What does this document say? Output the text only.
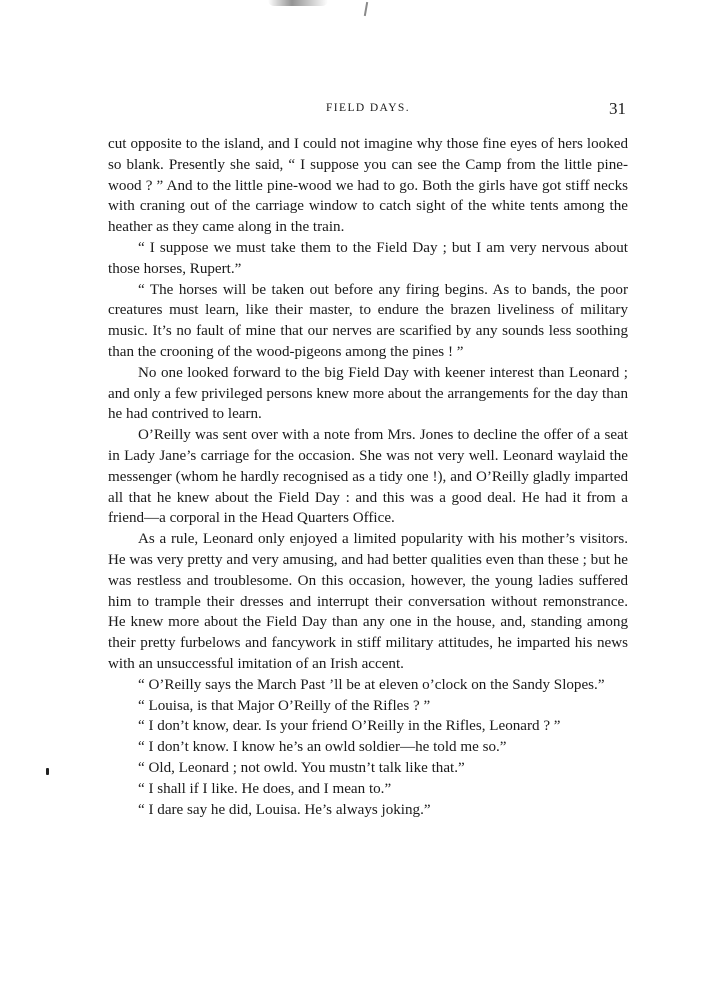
FIELD DAYS.	31

cut opposite to the island, and I could not imagine why those fine eyes of hers looked so blank. Presently she said, “ I suppose you can see the Camp from the little pine-wood ? ” And to the little pine-wood we had to go. Both the girls have got stiff necks with craning out of the carriage window to catch sight of the white tents among the heather as they came along in the train.

“ I suppose we must take them to the Field Day ; but I am very nervous about those horses, Rupert.”

“ The horses will be taken out before any firing begins. As to bands, the poor creatures must learn, like their master, to endure the brazen liveliness of military music. It’s no fault of mine that our nerves are scarified by any sounds less soothing than the crooning of the wood-pigeons among the pines ! ”

No one looked forward to the big Field Day with keener interest than Leonard ; and only a few privileged persons knew more about the arrangements for the day than he had contrived to learn.

O’Reilly was sent over with a note from Mrs. Jones to decline the offer of a seat in Lady Jane’s carriage for the occasion. She was not very well. Leonard waylaid the messenger (whom he hardly recognised as a tidy one !), and O’Reilly gladly imparted all that he knew about the Field Day : and this was a good deal. He had it from a friend—a corporal in the Head Quarters Office.

As a rule, Leonard only enjoyed a limited popularity with his mother’s visitors. He was very pretty and very amusing, and had better qualities even than these ; but he was restless and troublesome. On this occasion, however, the young ladies suffered him to trample their dresses and interrupt their conversation without remonstrance. He knew more about the Field Day than any one in the house, and, standing among their pretty furbelows and fancywork in stiff military attitudes, he imparted his news with an unsuccessful imitation of an Irish accent.

“ O’Reilly says the March Past ’ll be at eleven o’clock on the Sandy Slopes.”

“ Louisa, is that Major O’Reilly of the Rifles ? ”

“ I don’t know, dear. Is your friend O’Reilly in the Rifles, Leonard ? ”

“ I don’t know. I know he’s an owld soldier—he told me so.”

“ Old, Leonard ; not owld. You mustn’t talk like that.”

“ I shall if I like. He does, and I mean to.”

“ I dare say he did, Louisa. He’s always joking.”
